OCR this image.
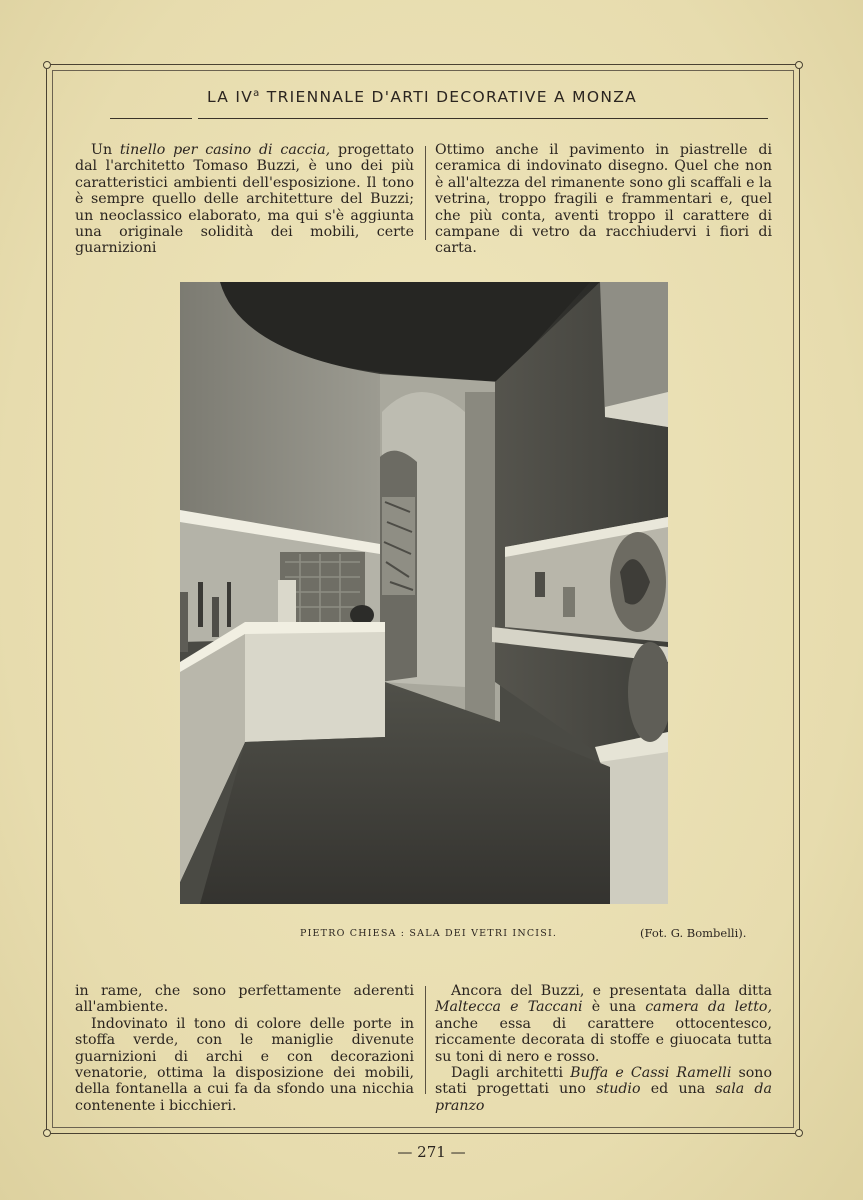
LA $IV^a$ TRIENNALE D'ARTI DECORATIVE A MONZA

Un tinello per casino di caccia, progettato dal l'architetto Tomaso Buzzi, è uno dei più caratteristici ambienti dell'esposizione. Il tono è sempre quello delle architetture del Buzzi; un neoclassico elaborato, ma qui s'è aggiunta una originale solidità dei mobili, certe guarnizioni

Ottimo anche il pavimento in piastrelle di ceramica di indovinato disegno. Quel che non è all'altezza del rimanente sono gli scaffali e la vetrina, troppo fragili e frammentari e, quel che più conta, aventi troppo il carattere di campane di vetro da racchiudervi i fiori di carta.

PIETRO CHIESA : SALA DEI VETRI INCISI.	(Fot. G. Bombelli).

in rame, che sono perfettamente aderenti all'ambiente.

Indovinato il tono di colore delle porte in stoffa verde, con le maniglie divenute guarnizioni di archi e con decorazioni venatorie, ottima la disposizione dei mobili, della fontanella a cui fa da sfondo una nicchia contenente i bicchieri.

Ancora del Buzzi, e presentata dalla ditta Maltecca e Taccani è una camera da letto, anche essa di carattere ottocentesco, riccamente decorata di stoffe e giuocata tutta su toni di nero e rosso.

Dagli architetti Buffa e Cassi Ramelli sono stati progettati uno studio ed una sala da pranzo

— 271 —
